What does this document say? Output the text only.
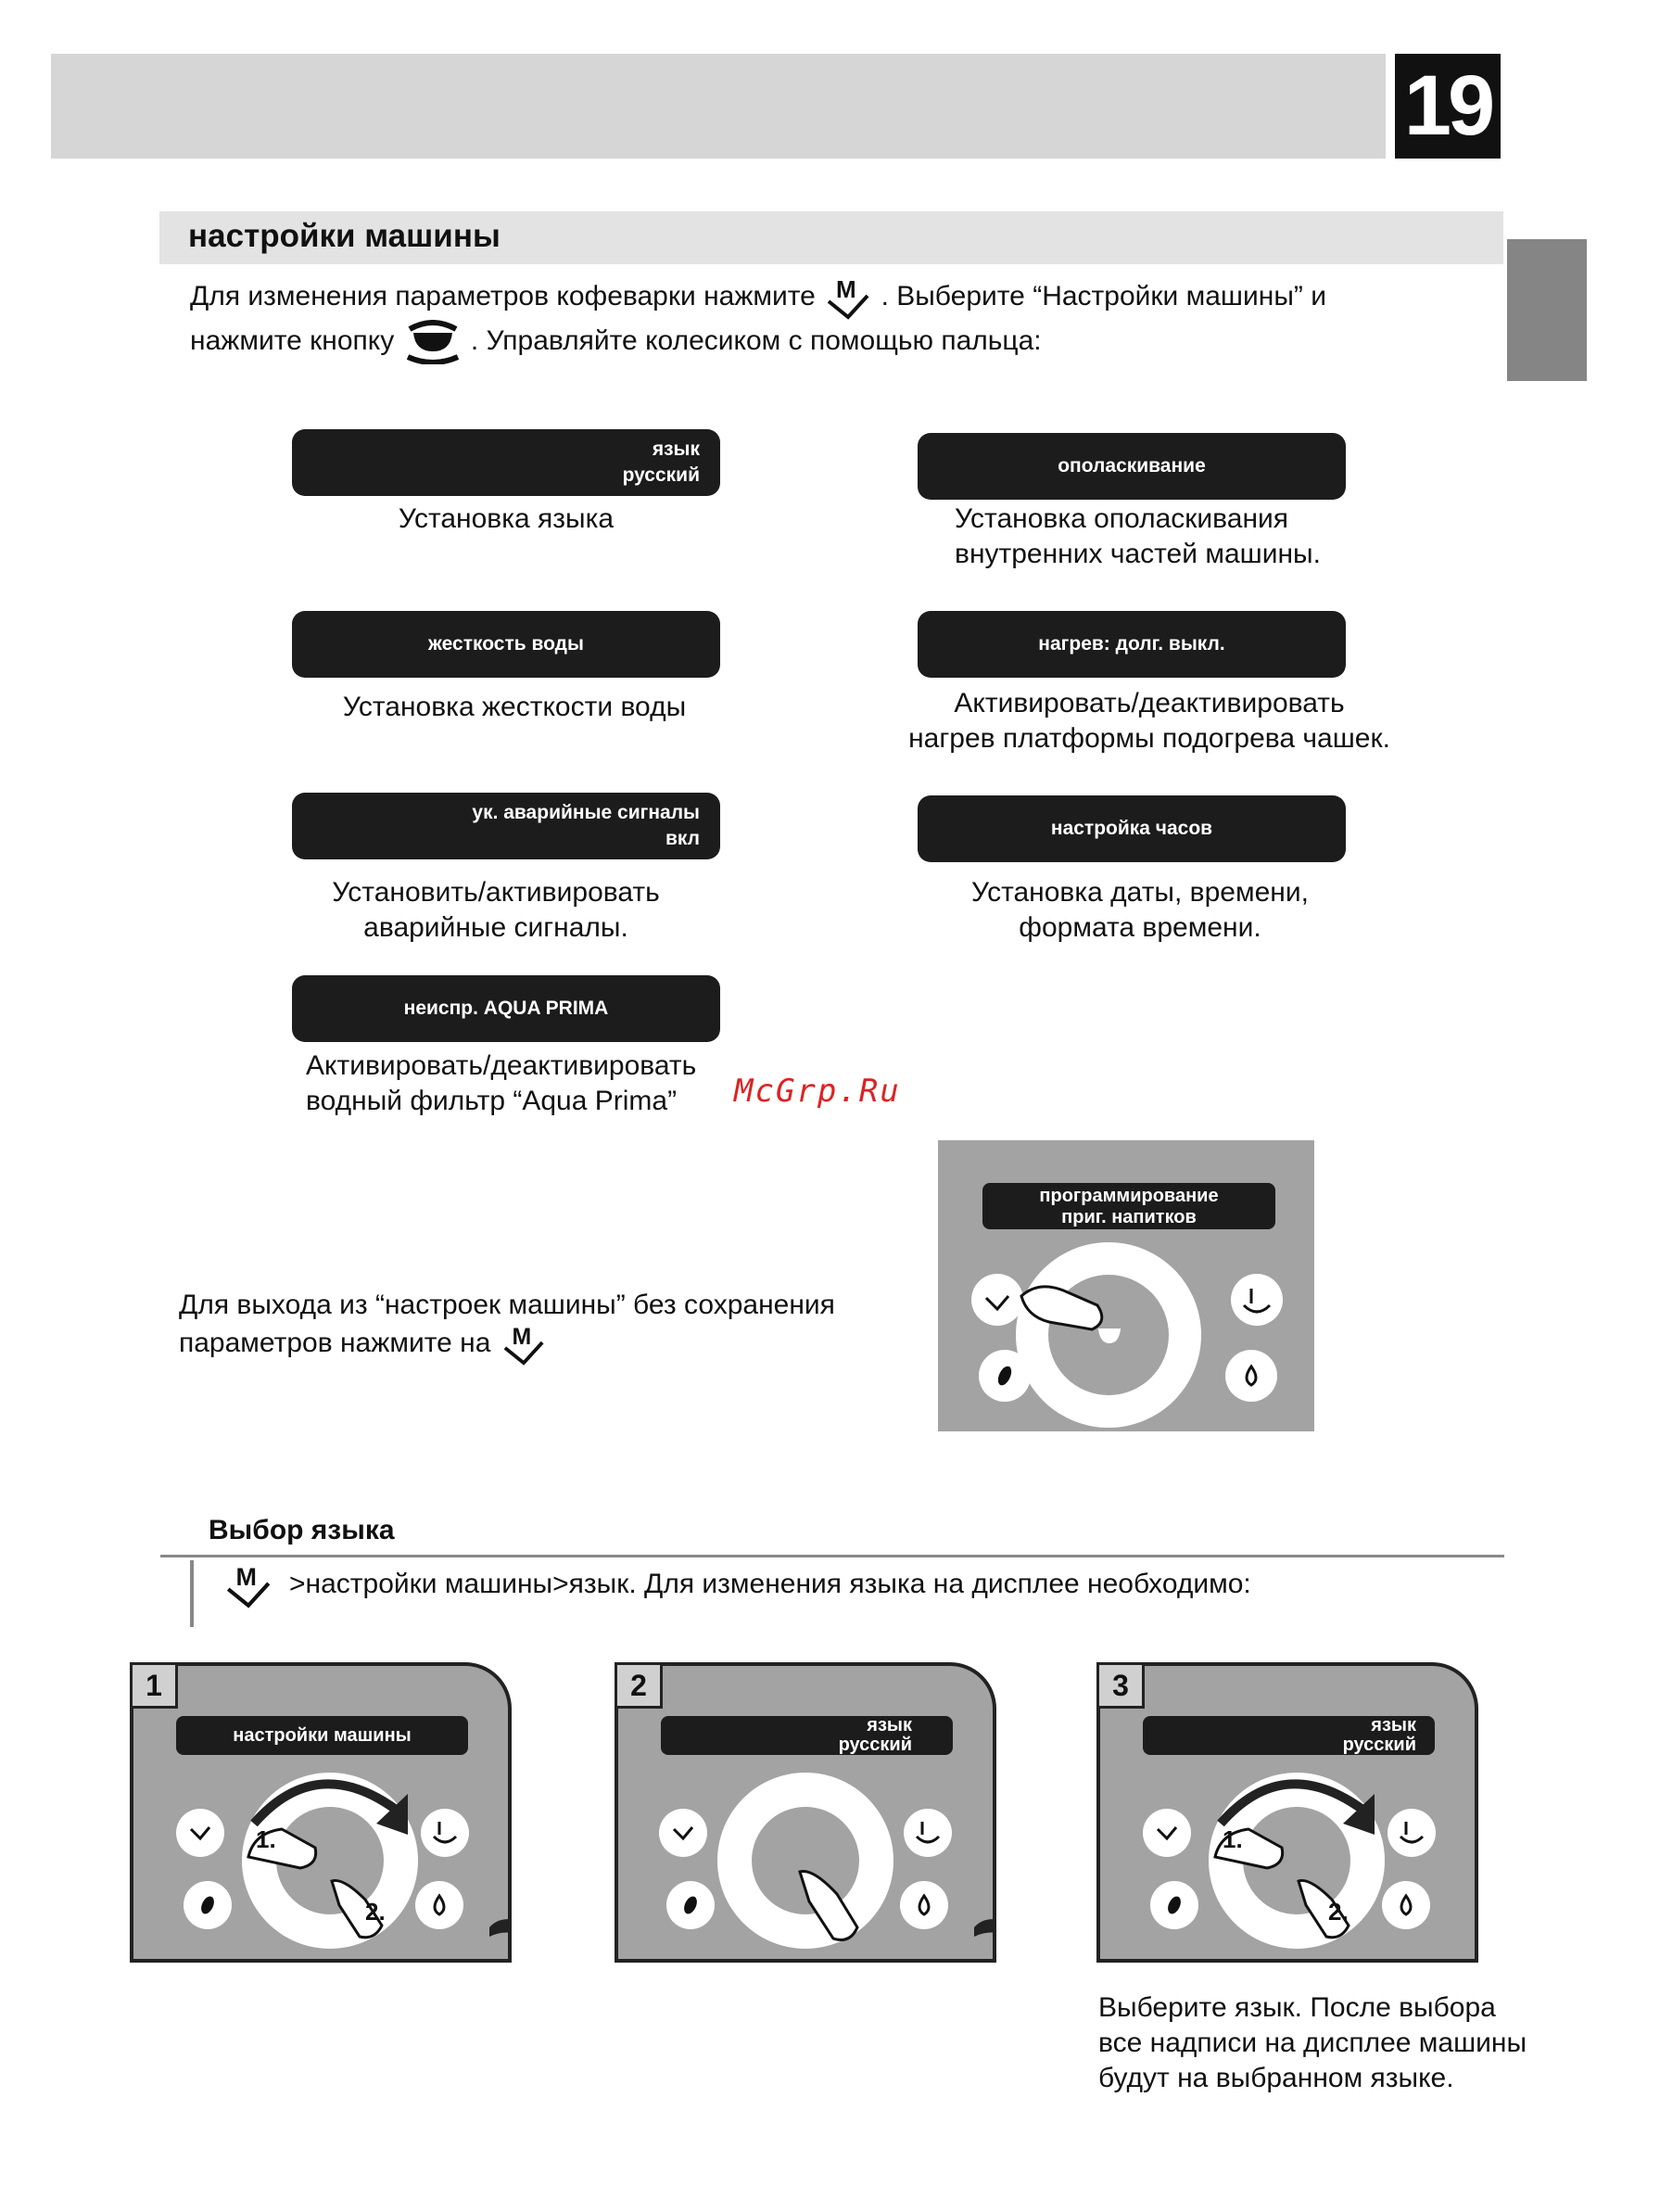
19
настройки машины
Для изменения параметров кофеварки нажмите M . Выберите “Настройки машины” и
нажмите кнопку	. Управляйте колесиком с помощью пальца:
язык
русский
Установка языка
ополаскивание
Установка ополаскивания
внутренних частей машины.
жесткость воды
Установка жесткости воды
нагрев: долг. выкл.
Активировать/деактивировать
нагрев платформы подогрева чашек.
ук. аварийные сигналы
вкл
Установить/активировать
аварийные сигналы.
настройка часов
Установка даты, времени,
формата времени.
неиспр. AQUA PRIMA
Активировать/деактивировать
водный фильтр “Aqua Prima”	McGrp.Ru
Для выхода из “настроек машины” без сохранения
параметров нажмите на M
программирование
приг. напитков
Выбор языка
M >настройки машины>язык. Для изменения языка на дисплее необходимо:
1
настройки машины
1.
2.
2
язык
русский
3
язык
русский
1.
2.
Выберите язык. После выбора
все надписи на дисплее машины
будут на выбранном языке.
